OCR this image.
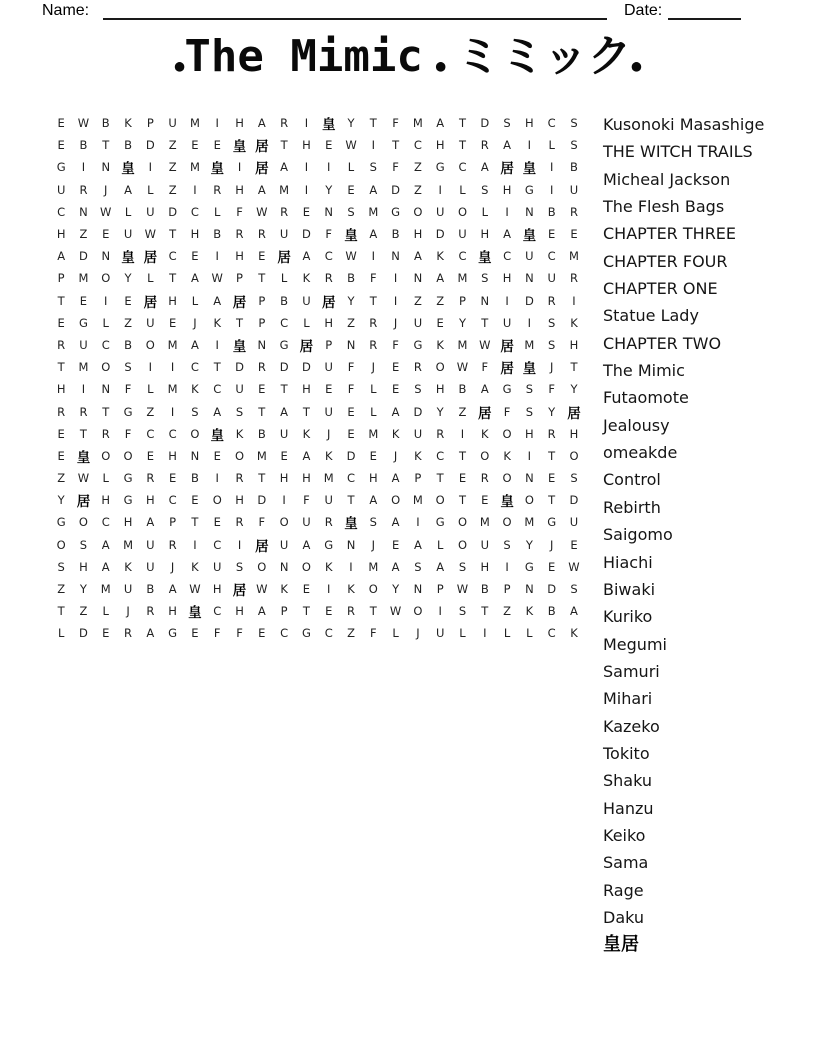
Name:	Date:
●The Mimic ● ミミック●
E	W	B	K	P	U	M	I	H	A	R	I	皇	Y	T	F	M	A	T	D	S	H	C	S
E	B	T	B	D	Z	E	E 皇 居	T	H	E	W	I	T	C	H	T	R	A	I	L	S
G	I	N 皇	I	Z	M 皇	I	居	A	I	I	L	S	F	Z	G	C	A 居 皇	I	B
U	R	J	A	L	Z	I	R	H	A	M	I	Y	E	A	D	Z	I	L	S	H	G	I	U
C	N	W	L	U	D	C	L	F	W	R	E	N	S	M	G	O	U	O	L	I	N	B	R
H	Z	E	U	W	T	H	B	R	R	U	D	F 皇	A	B	H	D	U	H	A 皇	E	E
A	D	N 皇 居	C	E	I	H	E 居	A	C	W	I	N	A	K	C 皇	C	U	C	M
P	M	O	Y	L	T	A	W	P	T	L	K	R	B	F	I	N	A	M	S	H	N	U	R
T	E	I	E 居 H	L	A 居	P	B	U 居	Y	T	I	Z	Z	P	N	I	D	R	I
E	G	L	Z	U	E	J	K	T	P	C	L	H	Z	R	J	U	E	Y	T	U	I	S	K
R	U	C	B	O	M	A	I	皇 N	G 居	P	N	R	F	G	K	M	W 居 M	S	H
T	M	O	S	I	I	C	T	D	R	D	D	U	F	J	E	R	O	W	F 居 皇	J	T
H	I	N	F	L	M	K	C	U	E	T	H	E	F	L	E	S	H	B	A	G	S	F	Y
R	R	T	G	Z	I	S	A	S	T	A	T	U	E	L	A	D	Y	Z 居	F	S	Y 居
E	T	R	F	C	C	O 皇	K	B	U	K	J	E	M	K	U	R	I	K	O	H	R	H
E 皇 O	O	E	H	N	E	O	M	E	A	K	D	E	J	K	C	T	O	K	I	T	O
Z	W	L	G	R	E	B	I	R	T	H	H	M	C	H	A	P	T	E	R	O	N	E	S
Y 居 H	G	H	C	E	O	H	D	I	F	U	T	A	O	M	O	T	E 皇 O	T	D
G	O	C	H	A	P	T	E	R	F	O	U	R 皇	S	A	I	G	O	M	O	M	G	U
O	S	A	M	U	R	I	C	I	居 U	A	G	N	J	E	A	L	O	U	S	Y	J	E
S	H	A	K	U	J	K	U	S	O	N	O	K	I	M	A	S	A	S	H	I	G	E	W
Z	Y	M	U	B	A	W	H 居 W	K	E	I	K	O	Y	N	P	W	B	P	N	D	S
T	Z	L	J	R	H 皇	C	H	A	P	T	E	R	T	W	O	I	S	T	Z	K	B	A
L	D	E	R	A	G	E	F	F	E	C	G	C	Z	F	L	J	U	L	I	L	L	C	K
Kusonoki Masashige
THE WITCH TRAILS
Micheal Jackson
The Flesh Bags
CHAPTER THREE
CHAPTER FOUR
CHAPTER ONE
Statue Lady
CHAPTER TWO
The Mimic
Futaomote
Jealousy
omeakde
Control
Rebirth
Saigomo
Hiachi
Biwaki
Kuriko
Megumi
Samuri
Mihari
Kazeko
Tokito
Shaku
Hanzu
Keiko
Sama
Rage
Daku
皇居
